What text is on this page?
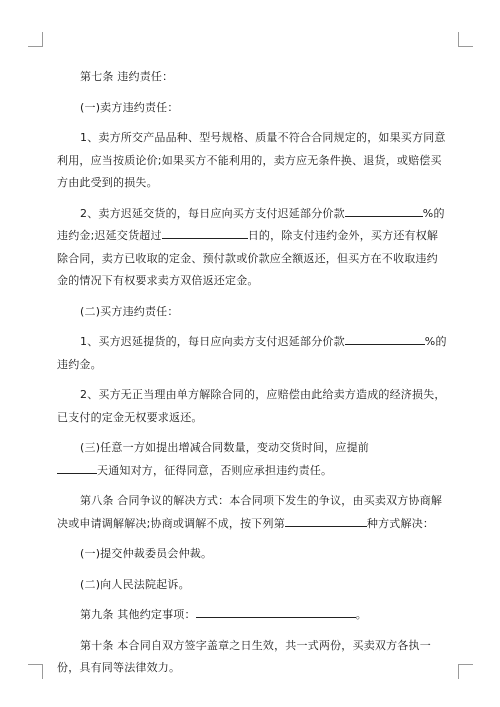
第七条 违约责任：

(一)卖方违约责任：

1、卖方所交产品品种、型号规格、质量不符合合同规定的，如果买方同意利用，应当按质论价;如果买方不能利用的，卖方应无条件换、退货，或赔偿买方由此受到的损失。

2、卖方迟延交货的，每日应向买方支付迟延部分价款	%的违约金;迟延交货超过	日的，除支付违约金外，买方还有权解除合同，卖方已收取的定金、预付款或价款应全额返还，但买方在不收取违约金的情况下有权要求卖方双倍返还定金。

(二)买方违约责任：

1、买方迟延提货的，每日应向卖方支付迟延部分价款	%的违约金。

2、买方无正当理由单方解除合同的，应赔偿由此给卖方造成的经济损失，已支付的定金无权要求返还。

(三)任意一方如提出增减合同数量，变动交货时间，应提前
天通知对方，征得同意，否则应承担违约责任。

第八条 合同争议的解决方式：本合同项下发生的争议，由买卖双方协商解决或申请调解解决;协商或调解不成，按下列第	种方式解决：

(一)提交仲裁委员会仲裁。

(二)向人民法院起诉。

第九条 其他约定事项：	。

第十条 本合同自双方签字盖章之日生效，共一式两份，买卖双方各执一份，具有同等法律效力。
